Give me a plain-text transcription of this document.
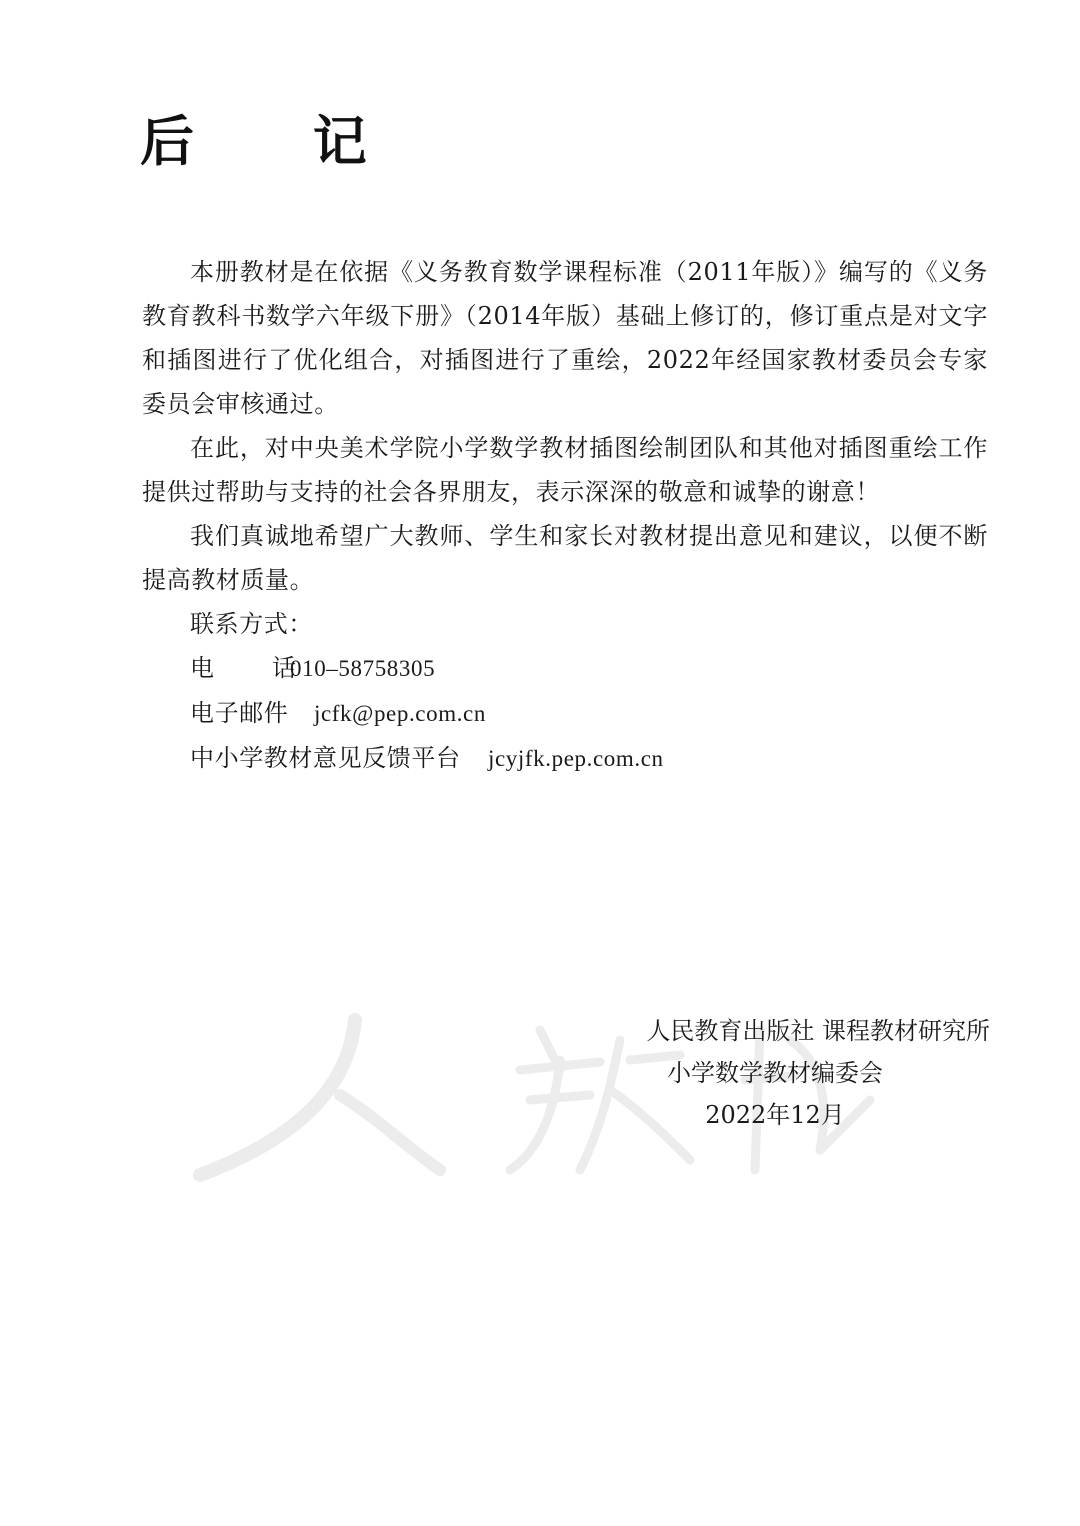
后 记

本册教材是在依据《义务教育数学课程标准（2011年版）》编写的《义务教育教科书数学六年级下册》（2014年版）基础上修订的，修订重点是对文字和插图进行了优化组合，对插图进行了重绘，2022年经国家教材委员会专家委员会审核通过。

在此，对中央美术学院小学数学教材插图绘制团队和其他对插图重绘工作提供过帮助与支持的社会各界朋友，表示深深的敬意和诚挚的谢意！

我们真诚地希望广大教师、学生和家长对教材提出意见和建议，以便不断提高教材质量。

联系方式：

电 话010–58758305

电子邮件 jcfk@pep.com.cn

中小学教材意见反馈平台 jcyjfk.pep.com.cn

人民教育出版社 课程教材研究所
小学数学教材编委会
2022年12月
